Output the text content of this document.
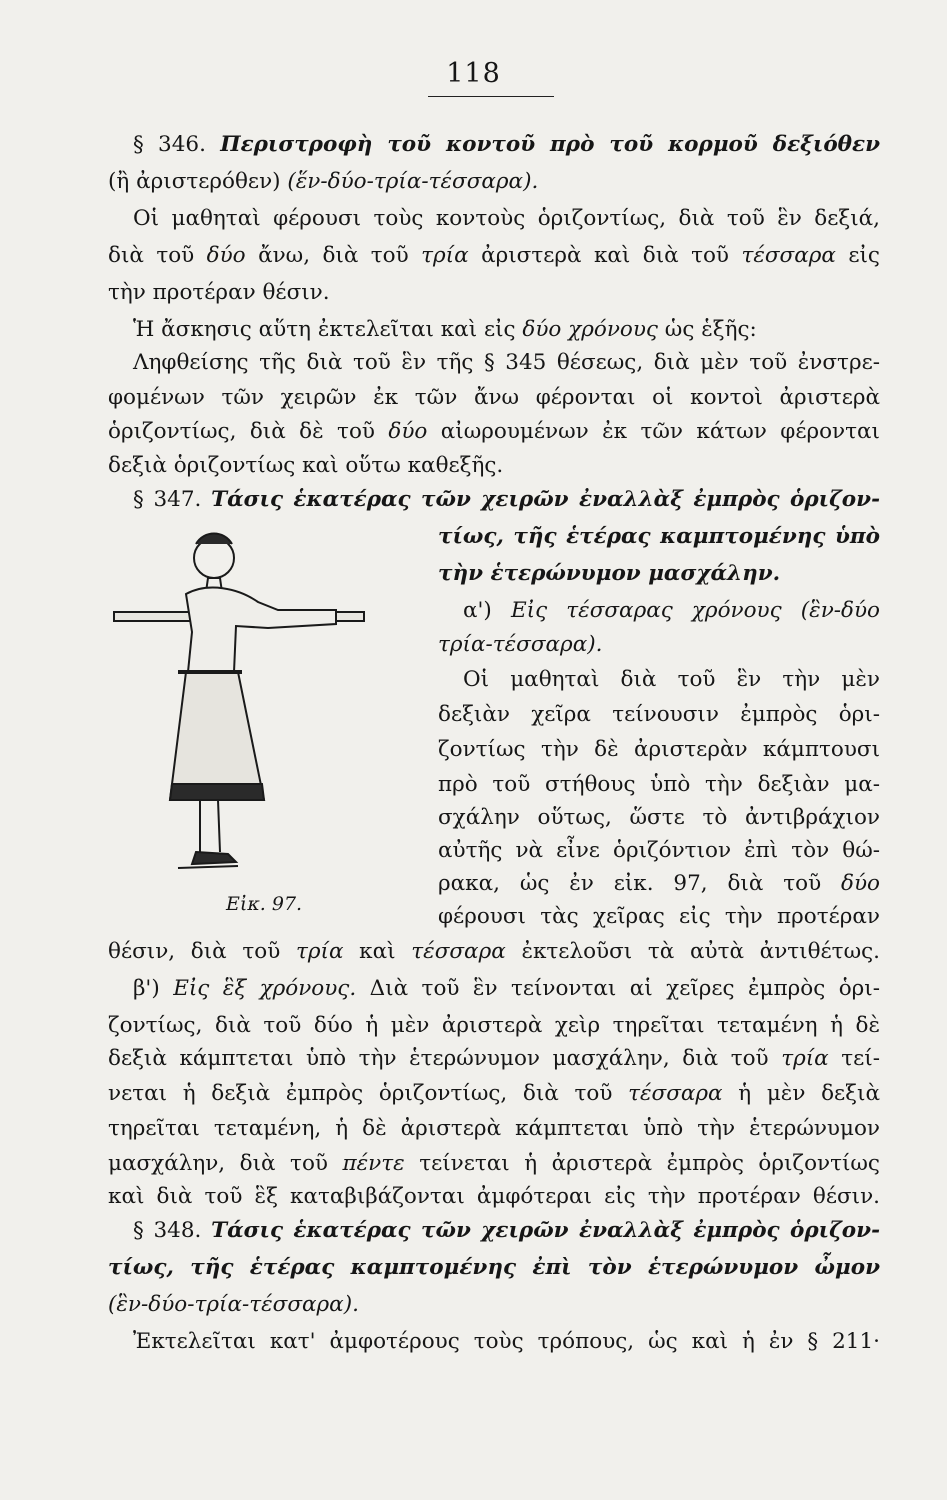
118
§ 346. Περιστροφὴ τοῦ κοντοῦ πρὸ τοῦ κορμοῦ δεξιόθεν
(ἢ ἀριστερόθεν) (ἕν-δύο-τρία-τέσσαρα).
Οἱ μαθηταὶ φέρουσι τοὺς κοντοὺς ὁριζοντίως, διὰ τοῦ ἓν δεξιά,
διὰ τοῦ δύο ἄνω, διὰ τοῦ τρία ἀριστερὰ καὶ διὰ τοῦ τέσσαρα εἰς
τὴν προτέραν θέσιν.
Ἡ ἄσκησις αὕτη ἐκτελεῖται καὶ εἰς δύο χρόνους ὡς ἑξῆς:
Ληφθείσης τῆς διὰ τοῦ ἓν τῆς § 345 θέσεως, διὰ μὲν τοῦ ἐνστρε-
φομένων τῶν χειρῶν ἐκ τῶν ἄνω φέρονται οἱ κοντοὶ ἀριστερὰ
ὁριζοντίως, διὰ δὲ τοῦ δύο αἰωρουμένων ἐκ τῶν κάτων φέρονται
δεξιὰ ὁριζοντίως καὶ οὕτω καθεξῆς.
§ 347. Τάσις ἑκατέρας τῶν χειρῶν ἐναλλὰξ ἐμπρὸς ὁριζον-
τίως, τῆς ἑτέρας καμπτομένης ὑπὸ
τὴν ἑτερώνυμον μασχάλην.
Εἰκ. 97.
α') Εἰς τέσσαρας χρόνους (ἓν-δύο
τρία-τέσσαρα).
Οἱ μαθηταὶ διὰ τοῦ ἓν τὴν μὲν
δεξιὰν χεῖρα τείνουσιν ἐμπρὸς ὁρι-
ζοντίως τὴν δὲ ἀριστερὰν κάμπτουσι
πρὸ τοῦ στήθους ὑπὸ τὴν δεξιὰν μα-
σχάλην οὕτως, ὥστε τὸ ἀντιβράχιον
αὐτῆς νὰ εἶνε ὁριζόντιον ἐπὶ τὸν θώ-
ρακα, ὡς ἐν εἰκ. 97, διὰ τοῦ δύο
φέρουσι τὰς χεῖρας εἰς τὴν προτέραν
θέσιν, διὰ τοῦ τρία καὶ τέσσαρα ἐκτελοῦσι τὰ αὐτὰ ἀντιθέτως.
β') Εἰς ἓξ χρόνους. Διὰ τοῦ ἓν τείνονται αἱ χεῖρες ἐμπρὸς ὁρι-
ζοντίως, διὰ τοῦ δύο ἡ μὲν ἀριστερὰ χεὶρ τηρεῖται τεταμένη ἡ δὲ
δεξιὰ κάμπτεται ὑπὸ τὴν ἑτερώνυμον μασχάλην, διὰ τοῦ τρία τεί-
νεται ἡ δεξιὰ ἐμπρὸς ὁριζοντίως, διὰ τοῦ τέσσαρα ἡ μὲν δεξιὰ
τηρεῖται τεταμένη, ἡ δὲ ἀριστερὰ κάμπτεται ὑπὸ τὴν ἑτερώνυμον
μασχάλην, διὰ τοῦ πέντε τείνεται ἡ ἀριστερὰ ἐμπρὸς ὁριζοντίως
καὶ διὰ τοῦ ἓξ καταβιβάζονται ἀμφότεραι εἰς τὴν προτέραν θέσιν.
§ 348. Τάσις ἑκατέρας τῶν χειρῶν ἐναλλὰξ ἐμπρὸς ὁριζον-
τίως, τῆς ἑτέρας καμπτομένης ἐπὶ τὸν ἑτερώνυμον ὦμον
(ἓν-δύο-τρία-τέσσαρα).
Ἐκτελεῖται κατ' ἀμφοτέρους τοὺς τρόπους, ὡς καὶ ἡ ἐν § 211·
